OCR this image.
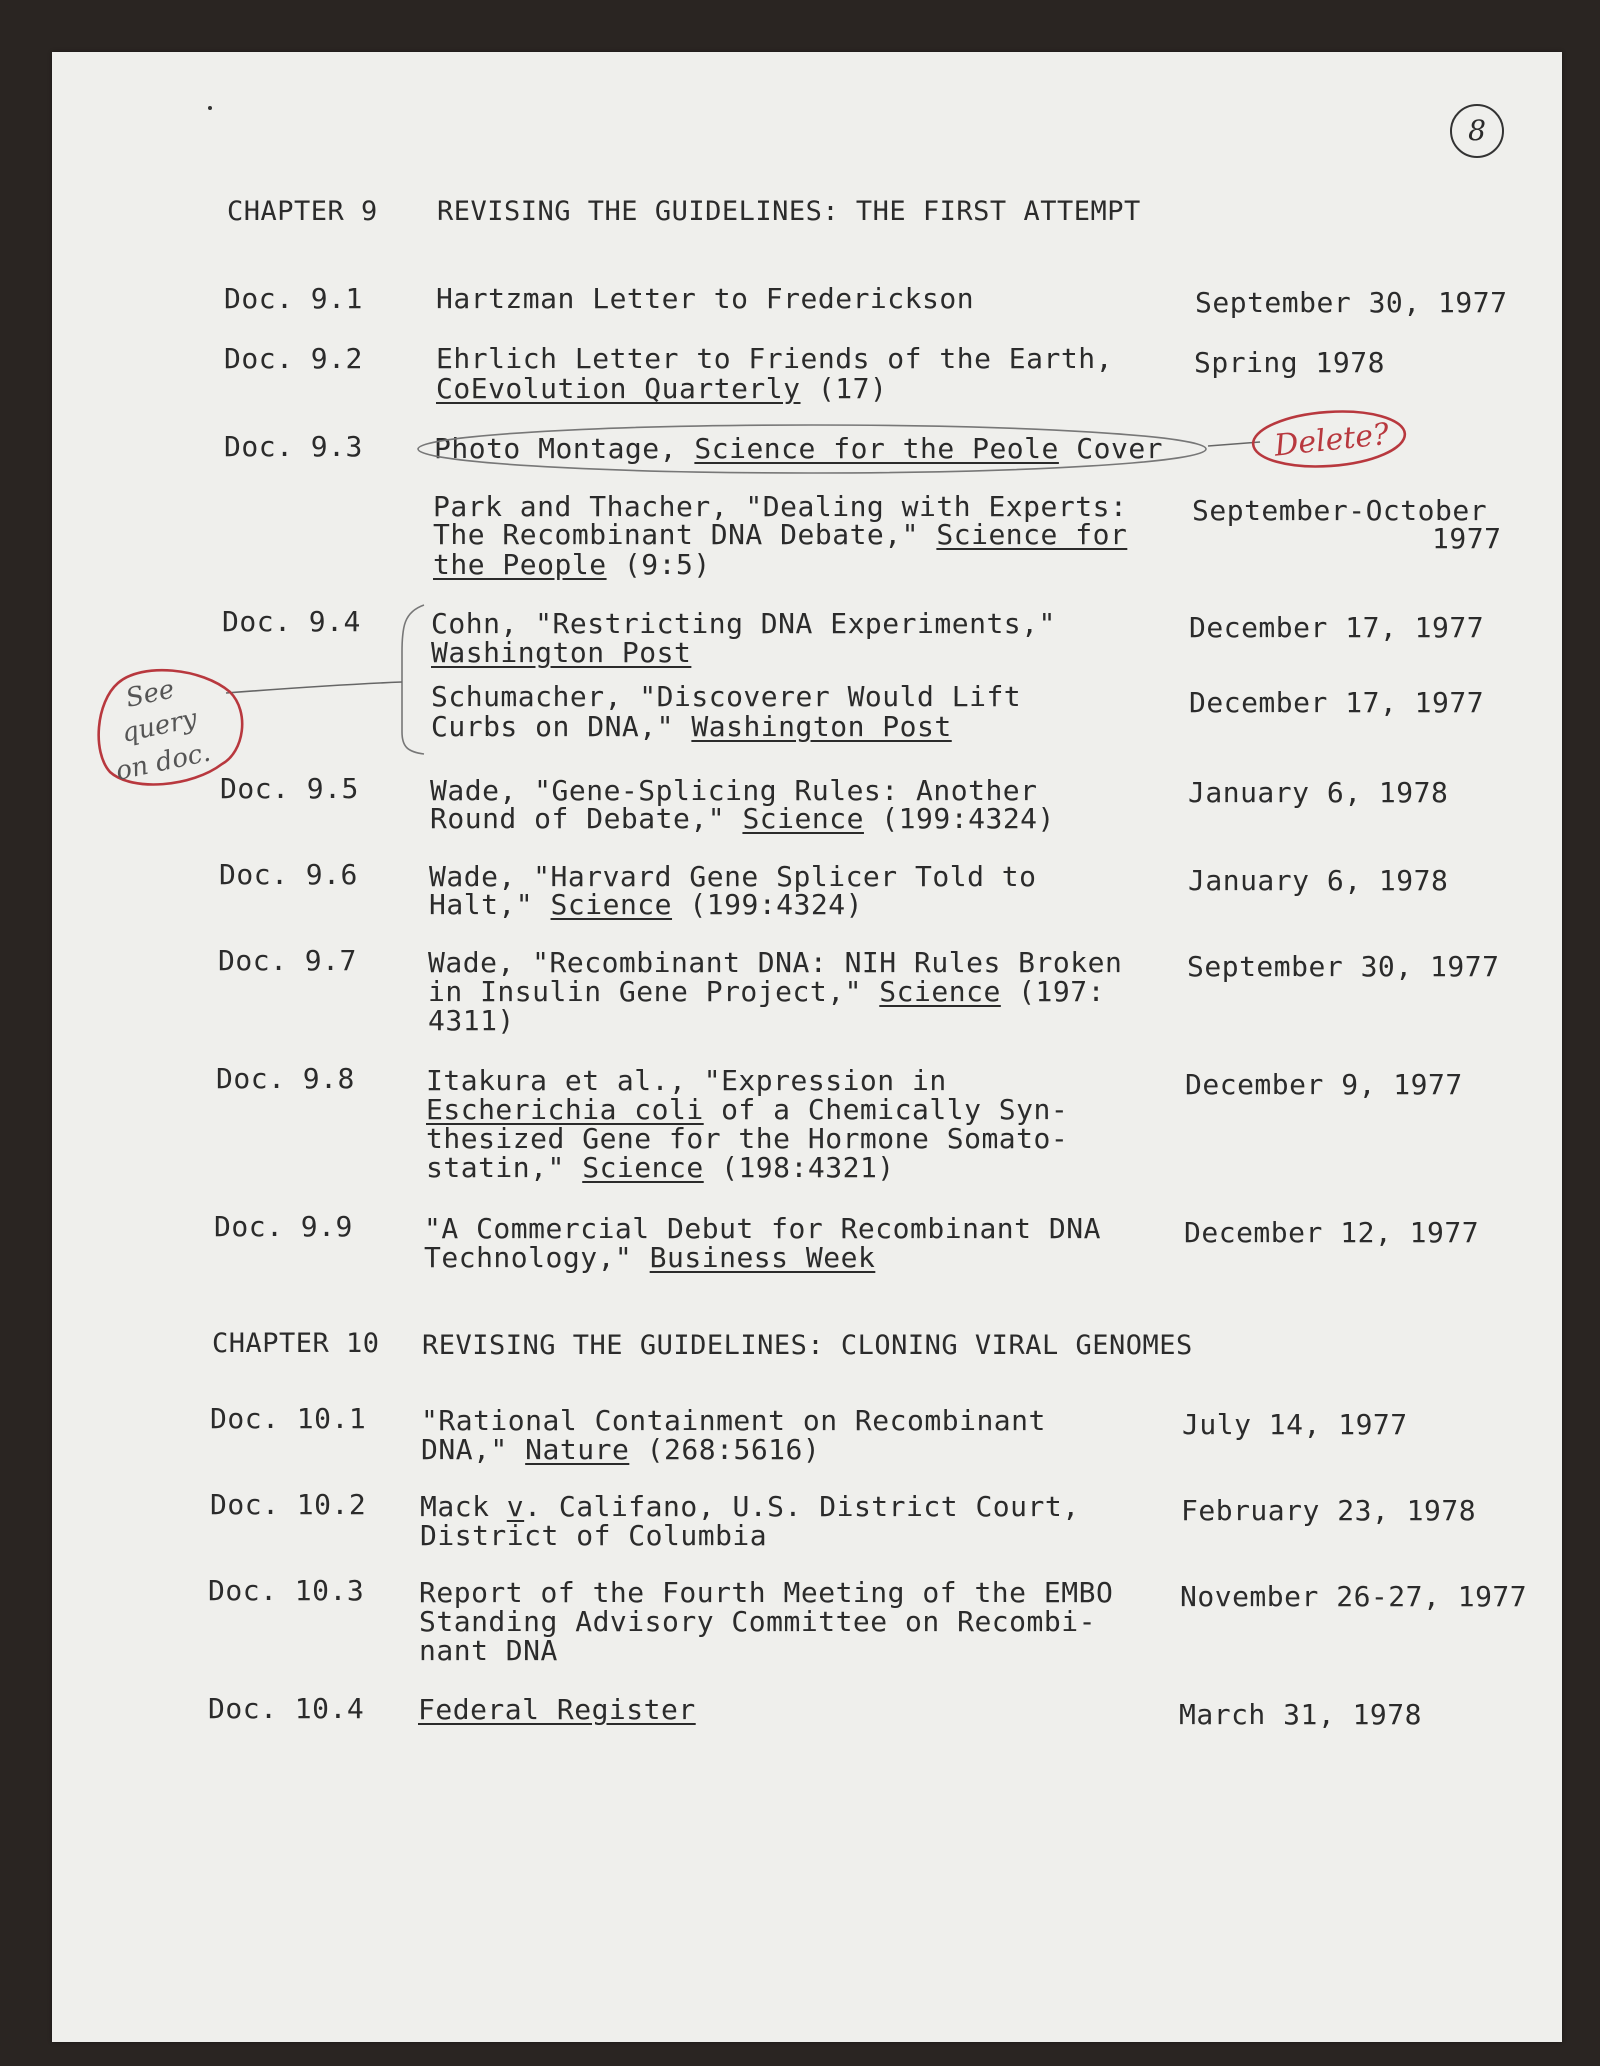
8
CHAPTER 9 REVISING THE GUIDELINES: THE FIRST ATTEMPT
Doc. 9.1	Hartzman Letter to Frederickson	September 30, 1977
Doc. 9.2	Ehrlich Letter to Friends of the Earth,
CoEvolution Quarterly (17)
Spring 1978
Doc. 9.3	Photo Montage, Science for the Peole Cover
Park and Thacher, "Dealing with Experts:
The Recombinant DNA Debate," Science for
the People (9:5)
September-October
1977
Doc. 9.4	Cohn, "Restricting DNA Experiments,"
Washington Post
December 17, 1977
Schumacher, "Discoverer Would Lift
Curbs on DNA," Washington Post
December 17, 1977
Doc. 9.5	Wade, "Gene-Splicing Rules: Another
Round of Debate," Science (199:4324)
January 6, 1978
Doc. 9.6	Wade, "Harvard Gene Splicer Told to
Halt," Science (199:4324)
January 6, 1978
Doc. 9.7	Wade, "Recombinant DNA: NIH Rules Broken
in Insulin Gene Project," Science (197:
4311)
September 30, 1977
Doc. 9.8	Itakura et al., "Expression in
Escherichia coli of a Chemically Syn-
thesized Gene for the Hormone Somato-
statin," Science (198:4321)
December 9, 1977
Doc. 9.9	"A Commercial Debut for Recombinant DNA
Technology," Business Week
December 12, 1977
CHAPTER 10 REVISING THE GUIDELINES: CLONING VIRAL GENOMES
Doc. 10.1 "Rational Containment on Recombinant
DNA," Nature (268:5616)
July 14, 1977
Doc. 10.2 Mack v. Califano, U.S. District Court,
District of Columbia
February 23, 1978
Doc. 10.3 Report of the Fourth Meeting of the EMBO
Standing Advisory Committee on Recombi-
nant DNA
November 26-27, 1977
Doc. 10.4 Federal Register	March 31, 1978
Delete?
See
query
on doc.
